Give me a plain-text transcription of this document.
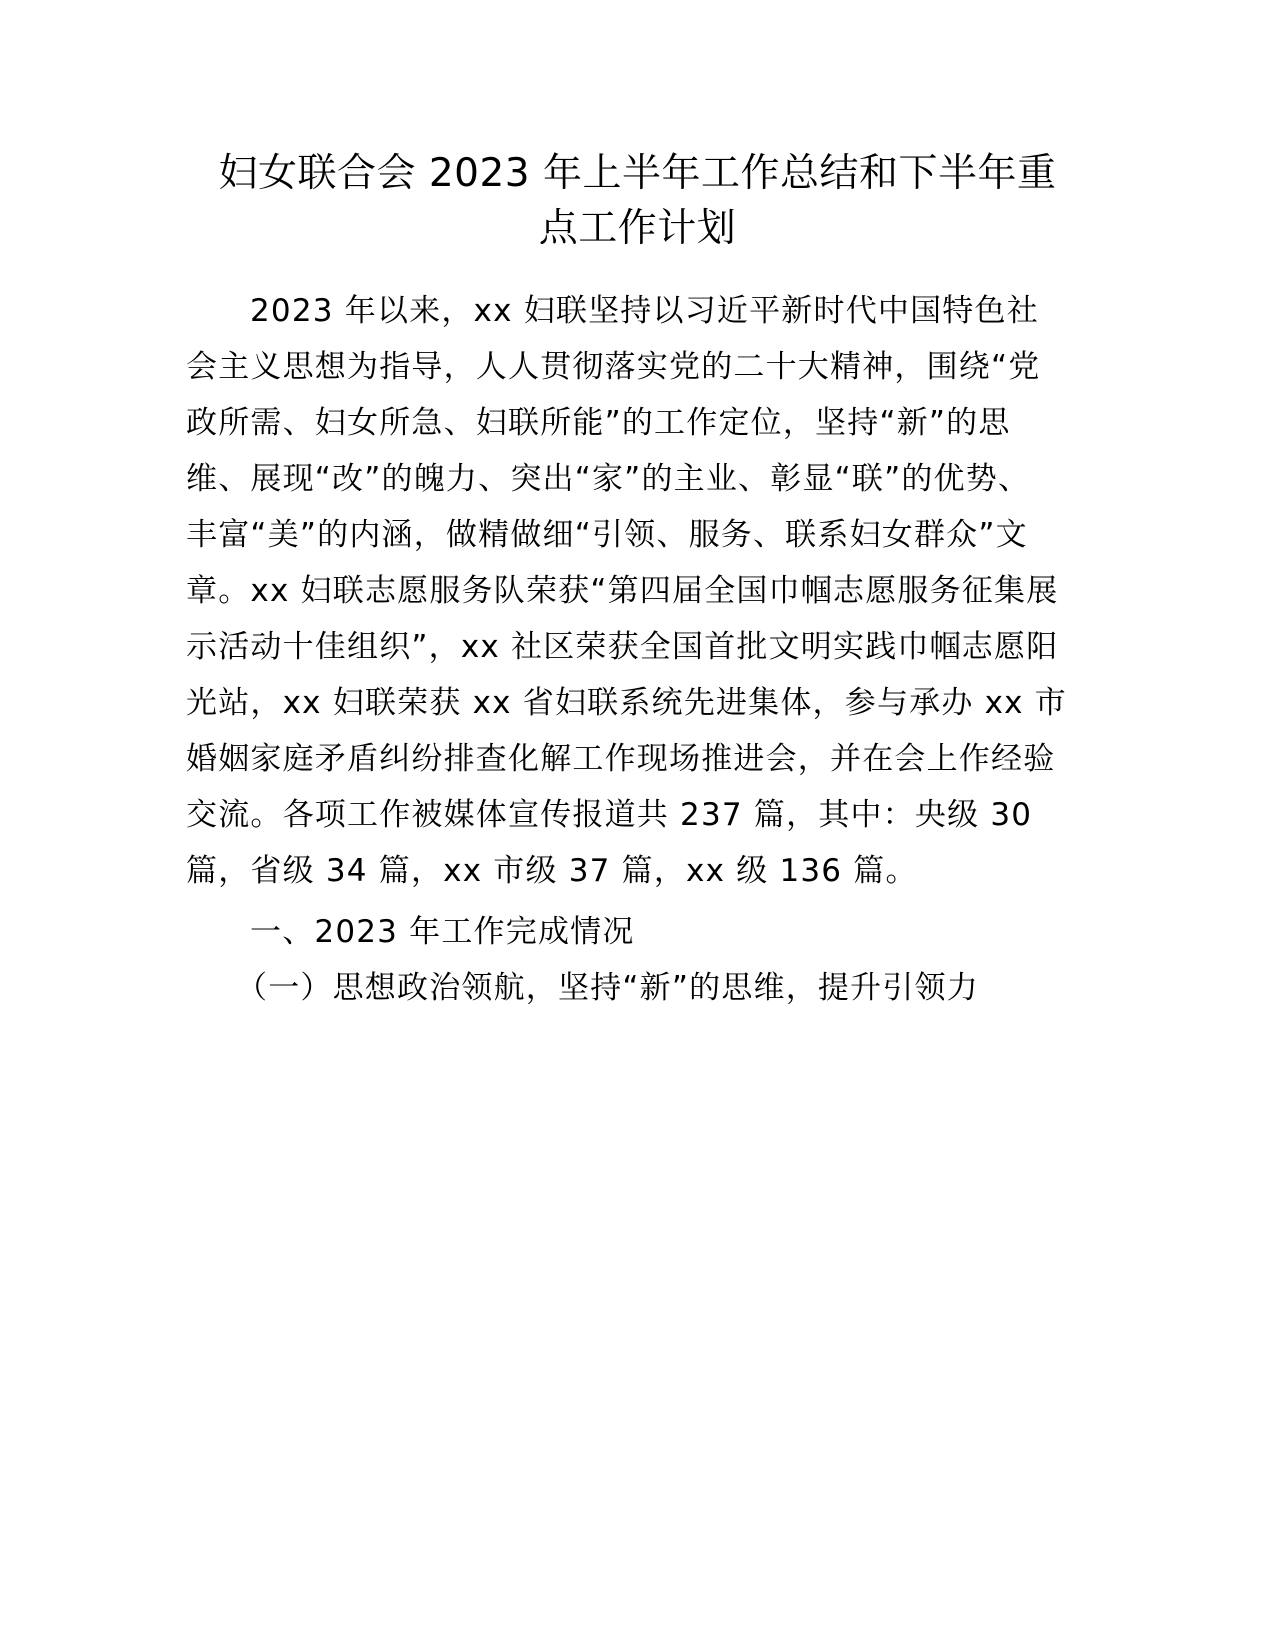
妇女联合会 2023 年上半年工作总结和下半年重
点工作计划
2023 年以来，xx 妇联坚持以习近平新时代中国特色社
会主义思想为指导，人人贯彻落实党的二十大精神，围绕“党
政所需、妇女所急、妇联所能”的工作定位，坚持“新”的思
维、展现“改”的魄力、突出“家”的主业、彰显“联”的优势、
丰富“美”的内涵，做精做细“引领、服务、联系妇女群众”文
章。xx 妇联志愿服务队荣获“第四届全国巾帼志愿服务征集展
示活动十佳组织”，xx 社区荣获全国首批文明实践巾帼志愿阳
光站，xx 妇联荣获 xx 省妇联系统先进集体，参与承办 xx 市
婚姻家庭矛盾纠纷排查化解工作现场推进会，并在会上作经验
交流。各项工作被媒体宣传报道共 237 篇，其中：央级 30
篇，省级 34 篇，xx 市级 37 篇，xx 级 136 篇。
一、2023 年工作完成情况
（一）思想政治领航，坚持“新”的思维，提升引领力
